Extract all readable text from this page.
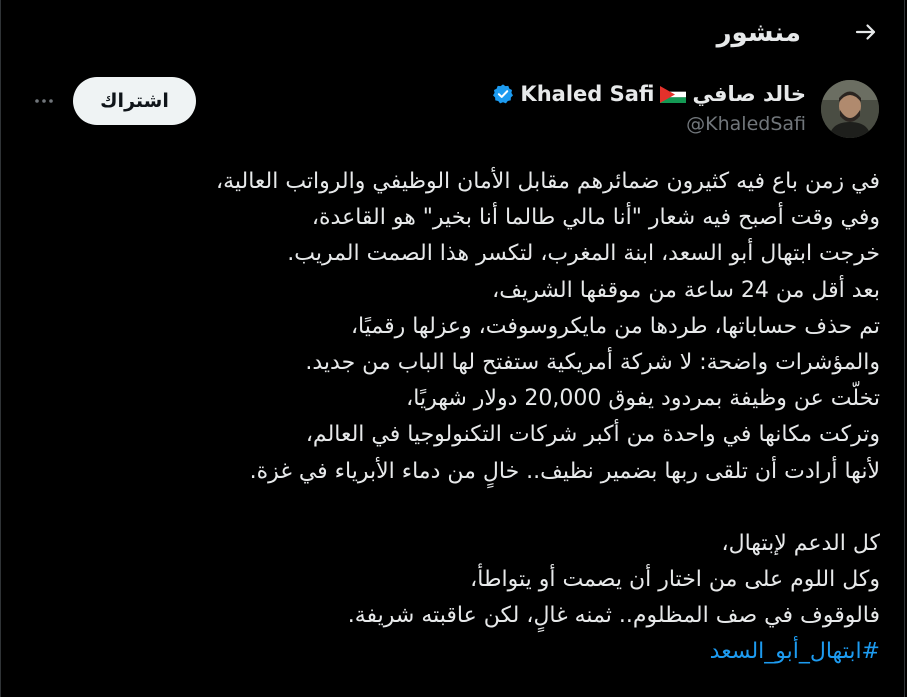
منشور
خالد صافي
Khaled Safi
@KhaledSafi
اشتراك
في زمن باع فيه كثيرون ضمائرهم مقابل الأمان الوظيفي والرواتب العالية،
وفي وقت أصبح فيه شعار "أنا مالي طالما أنا بخير" هو القاعدة،
خرجت ابتهال أبو السعد، ابنة المغرب، لتكسر هذا الصمت المريب.
بعد أقل من 24 ساعة من موقفها الشريف،
تم حذف حساباتها، طردها من مايكروسوفت، وعزلها رقميًا،
والمؤشرات واضحة: لا شركة أمريكية ستفتح لها الباب من جديد.
تخلّت عن وظيفة بمردود يفوق 20,000 دولار شهريًا،
وتركت مكانها في واحدة من أكبر شركات التكنولوجيا في العالم،
لأنها أرادت أن تلقى ربها بضمير نظيف.. خالٍ من دماء الأبرياء في غزة.
كل الدعم لإبتهال،
وكل اللوم على من اختار أن يصمت أو يتواطأ،
فالوقوف في صف المظلوم.. ثمنه غالٍ، لكن عاقبته شريفة.
#ابتهال_أبو_السعد
